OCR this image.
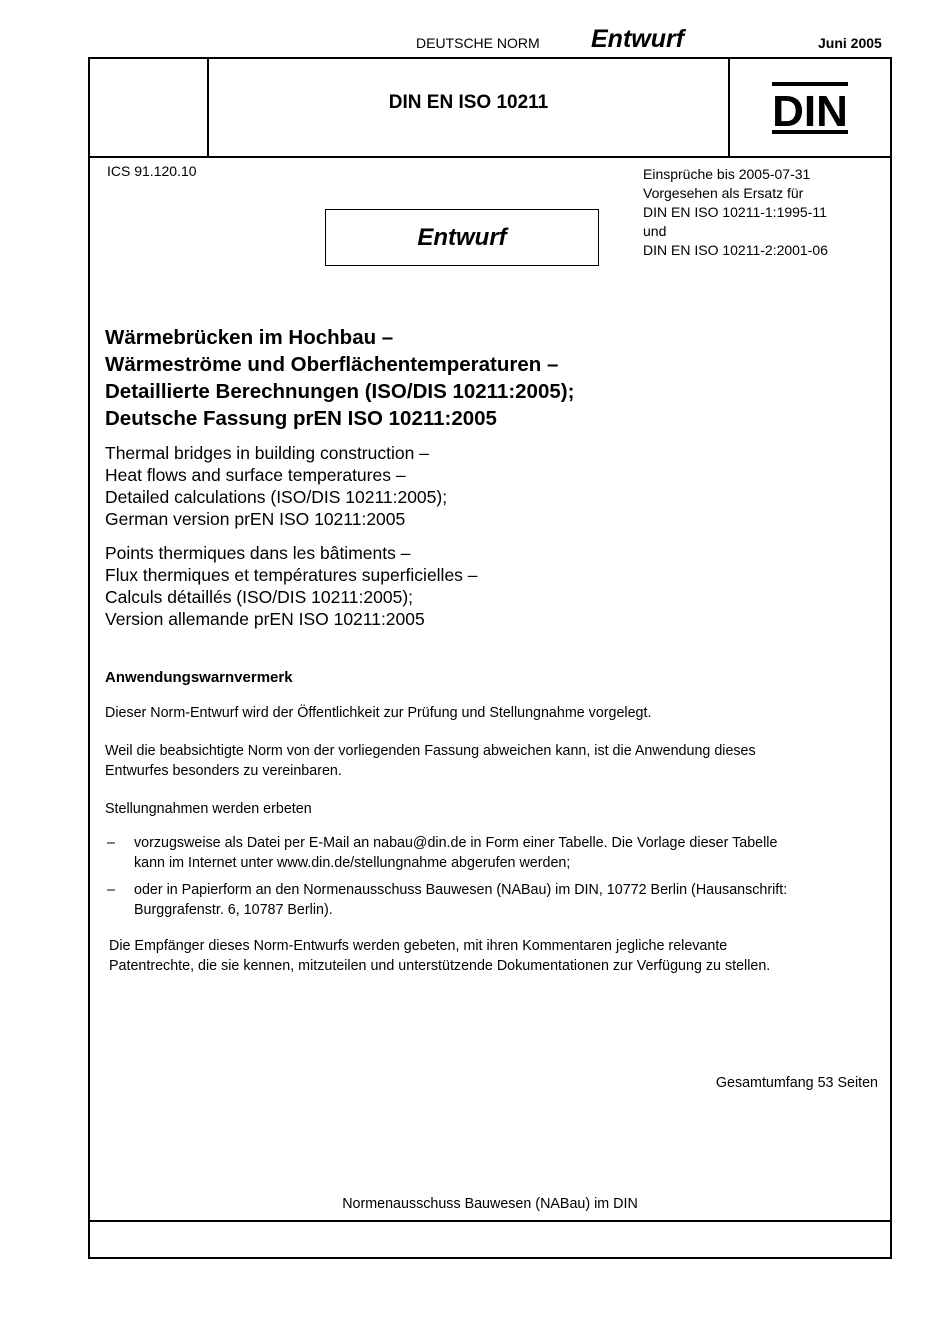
DEUTSCHE NORM Entwurf	Juni 2005
DIN EN ISO 10211	DIN
ICS 91.120.10	Einsprüche bis 2005-07-31
Vorgesehen als Ersatz für
DIN EN ISO 10211-1:1995-11
und
DIN EN ISO 10211-2:2001-06
Entwurf
Wärmebrücken im Hochbau –
Wärmeströme und Oberflächentemperaturen –
Detaillierte Berechnungen (ISO/DIS 10211:2005);
Deutsche Fassung prEN ISO 10211:2005
Thermal bridges in building construction –
Heat flows and surface temperatures –
Detailed calculations (ISO/DIS 10211:2005);
German version prEN ISO 10211:2005
Points thermiques dans les bâtiments –
Flux thermiques et températures superficielles –
Calculs détaillés (ISO/DIS 10211:2005);
Version allemande prEN ISO 10211:2005
Anwendungswarnvermerk
Dieser Norm-Entwurf wird der Öffentlichkeit zur Prüfung und Stellungnahme vorgelegt.
Weil die beabsichtigte Norm von der vorliegenden Fassung abweichen kann, ist die Anwendung dieses
Entwurfes besonders zu vereinbaren.
Stellungnahmen werden erbeten
– vorzugsweise als Datei per E-Mail an nabau@din.de in Form einer Tabelle. Die Vorlage dieser Tabelle
kann im Internet unter www.din.de/stellungnahme abgerufen werden;
– oder in Papierform an den Normenausschuss Bauwesen (NABau) im DIN, 10772 Berlin (Hausanschrift:
Burggrafenstr. 6, 10787 Berlin).
Die Empfänger dieses Norm-Entwurfs werden gebeten, mit ihren Kommentaren jegliche relevante
Patentrechte, die sie kennen, mitzuteilen und unterstützende Dokumentationen zur Verfügung zu stellen.
Gesamtumfang 53 Seiten
Normenausschuss Bauwesen (NABau) im DIN
